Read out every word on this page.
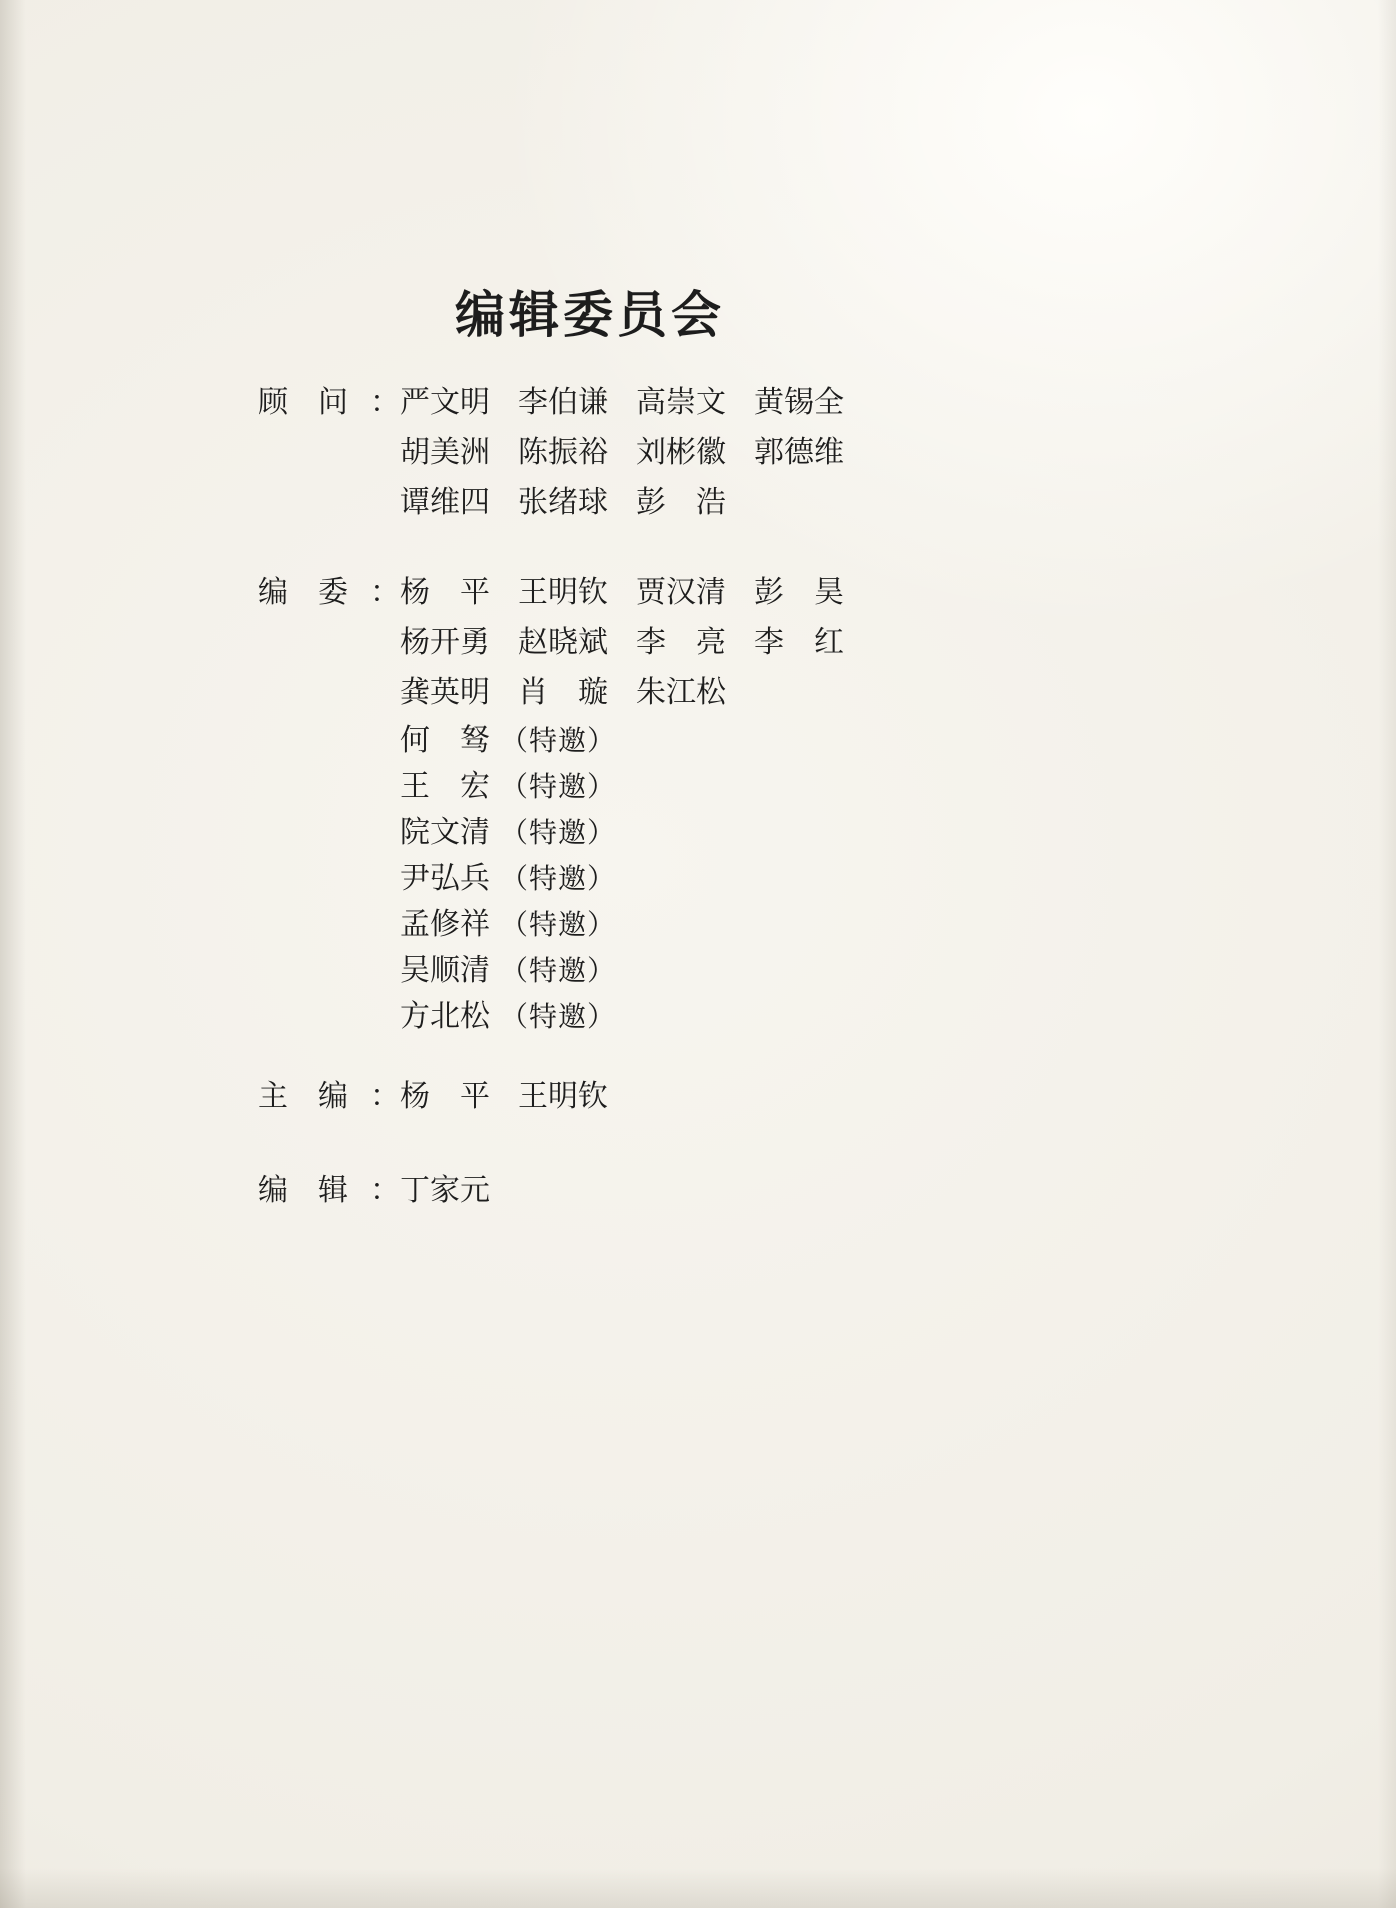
编辑委员会
顾　问 ： 严文明 李伯谦 高崇文 黄锡全
胡美洲 陈振裕 刘彬徽 郭德维
谭维四 张绪球 彭　浩
编　委 ： 杨　平 王明钦 贾汉清 彭　昊
杨开勇 赵晓斌 李　亮 李　红
龚英明 肖　璇 朱江松
何　驽 （特邀）
王　宏 （特邀）
院文清 （特邀）
尹弘兵 （特邀）
孟修祥 （特邀）
吴顺清 （特邀）
方北松 （特邀）
主　编 ： 杨　平 王明钦
编　辑 ： 丁家元
